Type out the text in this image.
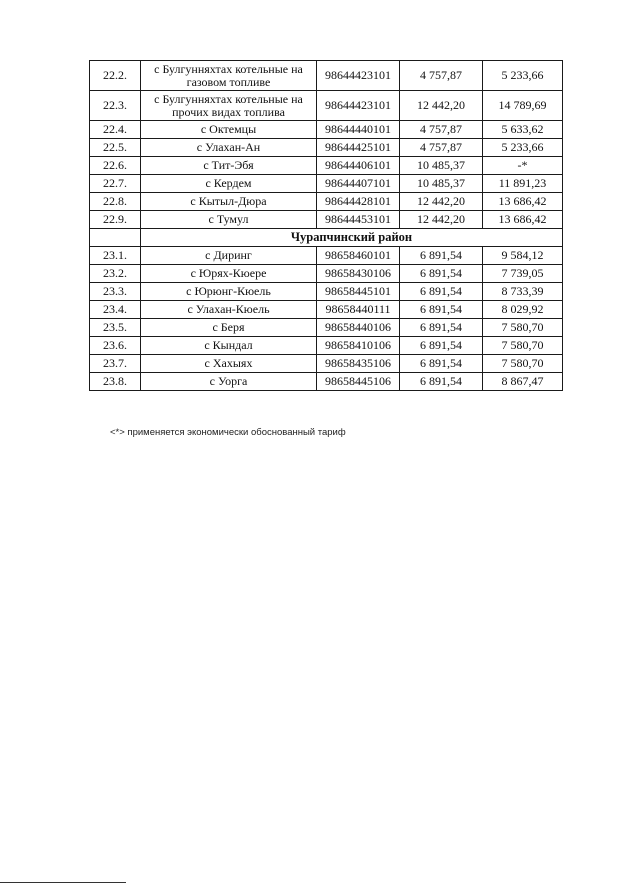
22.2.	с Булгунняхтах котельные на газовом топливе	98644423101	4 757,87	5 233,66
22.3.	с Булгунняхтах котельные на прочих видах топлива	98644423101	12 442,20	14 789,69
22.4.	с Октемцы	98644440101	4 757,87	5 633,62
22.5.	с Улахан-Ан	98644425101	4 757,87	5 233,66
22.6.	с Тит-Эбя	98644406101	10 485,37	-*
22.7.	с Кердем	98644407101	10 485,37	11 891,23
22.8.	с Кытыл-Дюра	98644428101	12 442,20	13 686,42
22.9.	с Тумул	98644453101	12 442,20	13 686,42
	Чурапчинский район			
23.1.	с Диринг	98658460101	6 891,54	9 584,12
23.2.	с Юрях-Кюере	98658430106	6 891,54	7 739,05
23.3.	с Юрюнг-Кюель	98658445101	6 891,54	8 733,39
23.4.	с Улахан-Кюель	98658440111	6 891,54	8 029,92
23.5.	с Беря	98658440106	6 891,54	7 580,70
23.6.	с Кындал	98658410106	6 891,54	7 580,70
23.7.	с Хахыях	98658435106	6 891,54	7 580,70
23.8.	с Уорга	98658445106	6 891,54	8 867,47
<*> применяется экономически обоснованный тариф
